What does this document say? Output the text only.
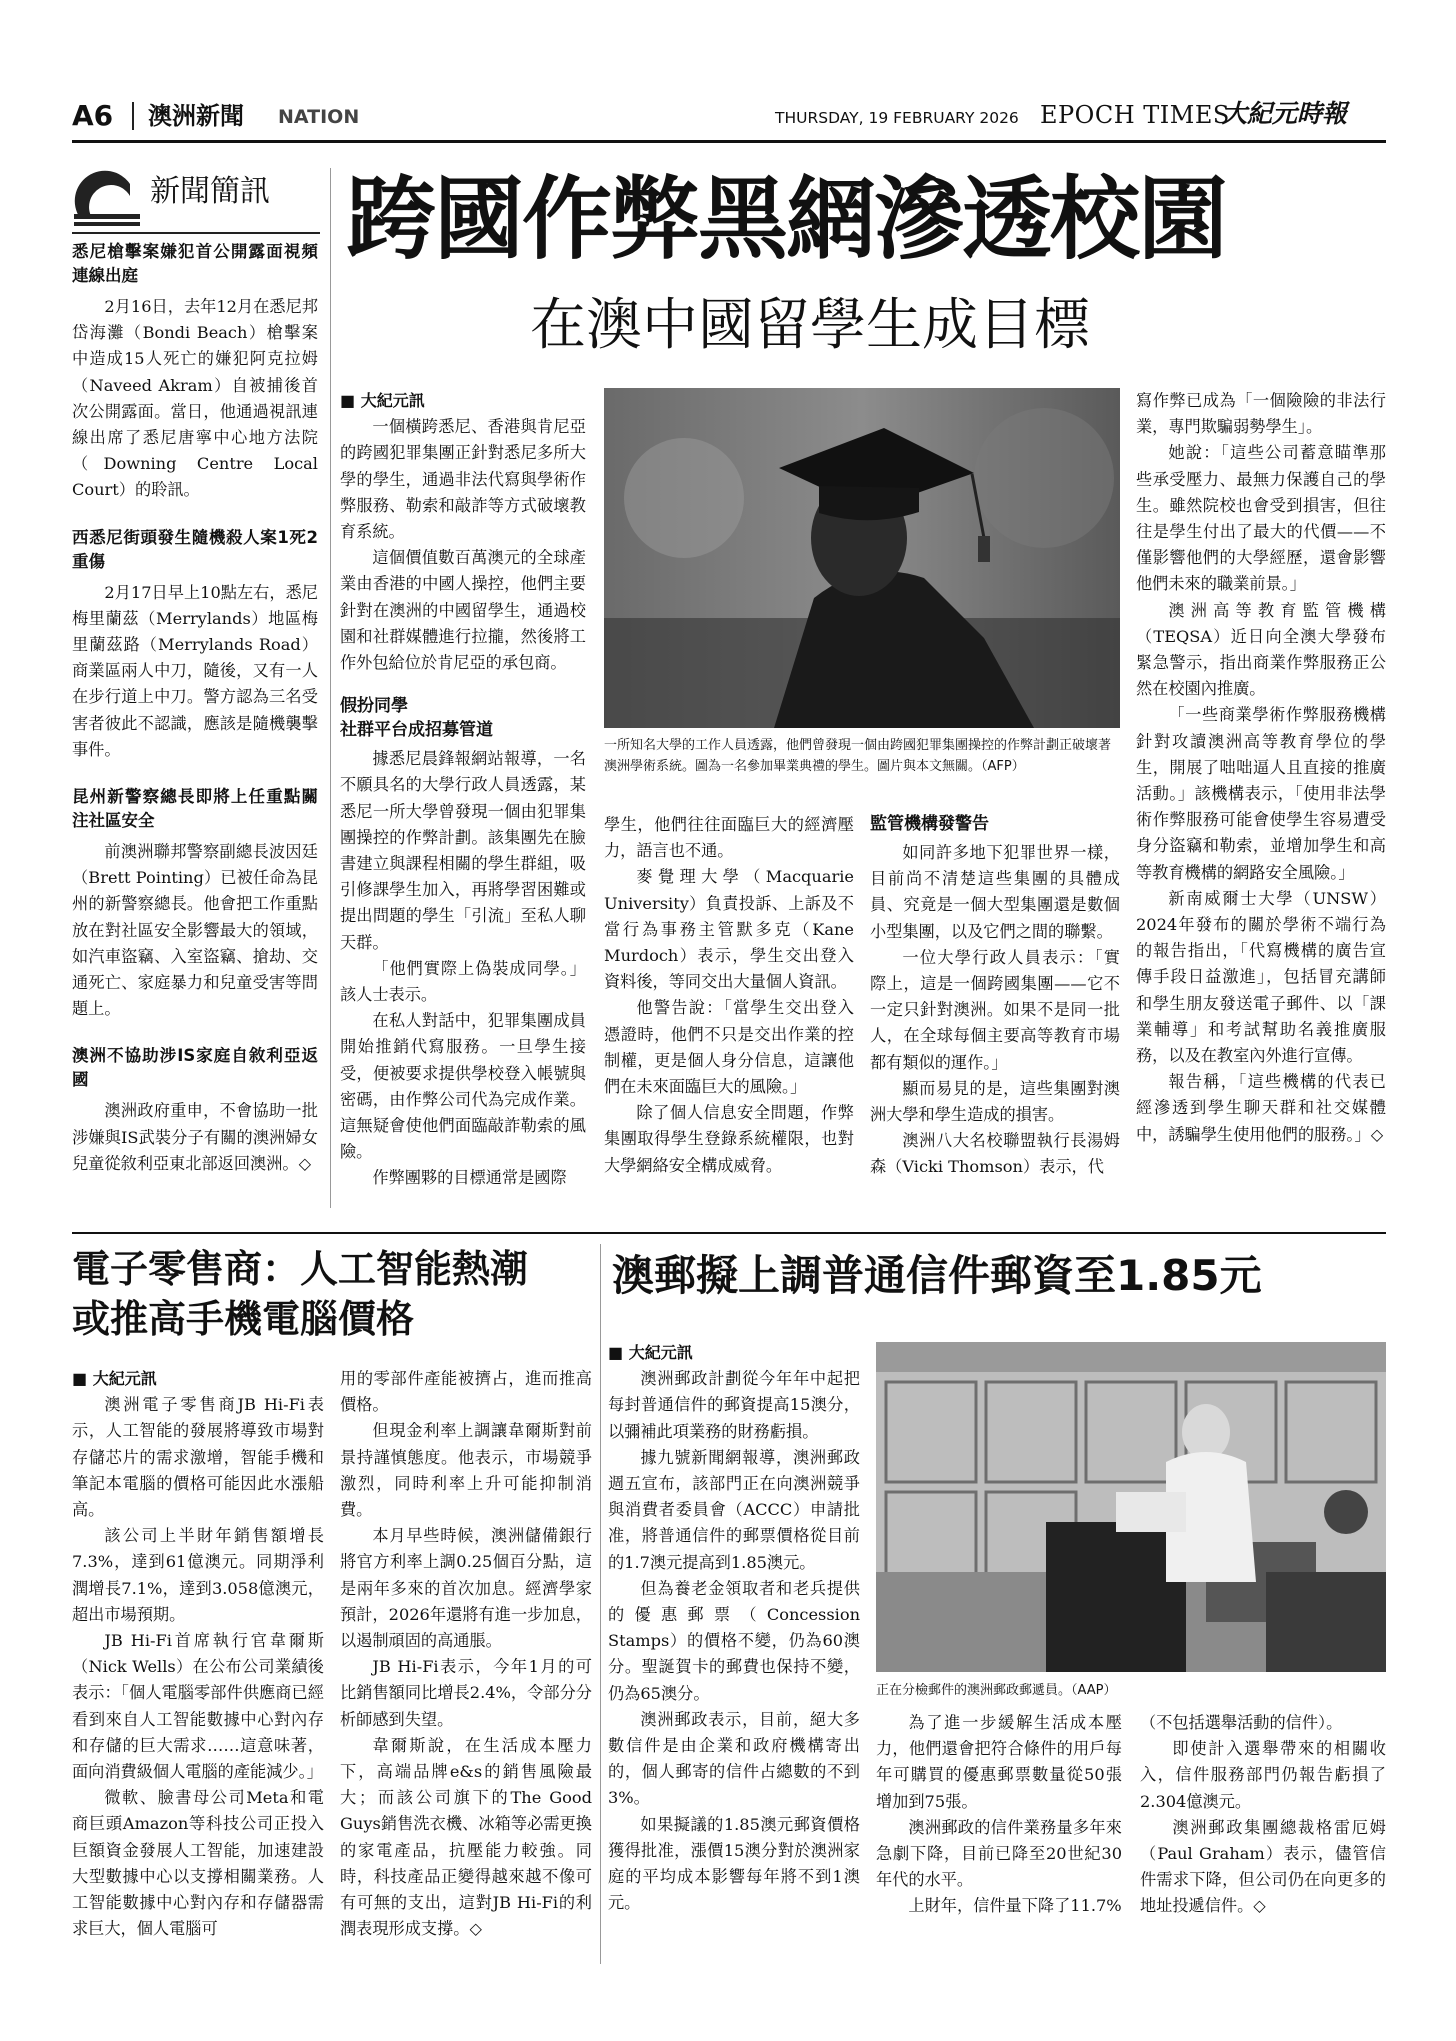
A6 澳洲新聞 NATION	THURSDAY, 19 FEBRUARY 2026 EPOCH TIMES
大紀元時報
新聞簡訊
悉尼槍擊案嫌犯首公開露面視頻連線出庭

2月16日，去年12月在悉尼邦岱海灘（Bondi Beach）槍擊案中造成15人死亡的嫌犯阿克拉姆（Naveed Akram）自被捕後首次公開露面。當日，他通過視訊連線出席了悉尼唐寧中心地方法院（Downing Centre Local Court）的聆訊。

西悉尼街頭發生隨機殺人案1死2重傷

2月17日早上10點左右，悉尼梅里蘭茲（Merrylands）地區梅里蘭茲路（Merrylands Road）商業區兩人中刀，隨後，又有一人在步行道上中刀。警方認為三名受害者彼此不認識，應該是隨機襲擊事件。

昆州新警察總長即將上任重點關注社區安全

前澳洲聯邦警察副總長波因廷（Brett Pointing）已被任命為昆州的新警察總長。他會把工作重點放在對社區安全影響最大的領域，如汽車盜竊、入室盜竊、搶劫、交通死亡、家庭暴力和兒童受害等問題上。

澳洲不協助涉IS家庭自敘利亞返國

澳洲政府重申，不會協助一批涉嫌與IS武裝分子有關的澳洲婦女兒童從敘利亞東北部返回澳洲。◇

跨國作弊黑網滲透校園
在澳中國留學生成目標
■ 大紀元訊

一個橫跨悉尼、香港與肯尼亞的跨國犯罪集團正針對悉尼多所大學的學生，通過非法代寫與學術作弊服務、勒索和敲詐等方式破壞教育系統。

這個價值數百萬澳元的全球產業由香港的中國人操控，他們主要針對在澳洲的中國留學生，通過校園和社群媒體進行拉攏，然後將工作外包給位於肯尼亞的承包商。

假扮同學
社群平台成招募管道

據悉尼晨鋒報網站報導，一名不願具名的大學行政人員透露，某悉尼一所大學曾發現一個由犯罪集團操控的作弊計劃。該集團先在臉書建立與課程相關的學生群組，吸引修課學生加入，再將學習困難或提出問題的學生「引流」至私人聊天群。

「他們實際上偽裝成同學。」該人士表示。

在私人對話中，犯罪集團成員開始推銷代寫服務。一旦學生接受，便被要求提供學校登入帳號與密碼，由作弊公司代為完成作業。這無疑會使他們面臨敲詐勒索的風險。

作弊團夥的目標通常是國際

一所知名大學的工作人員透露，他們曾發現一個由跨國犯罪集團操控的作弊計劃正破壞著澳洲學術系統。圖為一名參加畢業典禮的學生。圖片與本文無關。（AFP）

學生，他們往往面臨巨大的經濟壓力，語言也不通。

麥覺理大學（Macquarie University）負責投訴、上訴及不當行為事務主管默多克（Kane Murdoch）表示，學生交出登入資料後，等同交出大量個人資訊。

他警告說：「當學生交出登入憑證時，他們不只是交出作業的控制權，更是個人身分信息，這讓他們在未來面臨巨大的風險。」

除了個人信息安全問題，作弊集團取得學生登錄系統權限，也對大學網絡安全構成威脅。

監管機構發警告

如同許多地下犯罪世界一樣，目前尚不清楚這些集團的具體成員、究竟是一個大型集團還是數個小型集團，以及它們之間的聯繫。

一位大學行政人員表示：「實際上，這是一個跨國集團——它不一定只針對澳洲。如果不是同一批人，在全球每個主要高等教育市場都有類似的運作。」

顯而易見的是，這些集團對澳洲大學和學生造成的損害。

澳洲八大名校聯盟執行長湯姆森（Vicki Thomson）表示，代

寫作弊已成為「一個險險的非法行業，專門欺騙弱勢學生」。

她說：「這些公司蓄意瞄準那些承受壓力、最無力保護自己的學生。雖然院校也會受到損害，但往往是學生付出了最大的代價——不僅影響他們的大學經歷，還會影響他們未來的職業前景。」

澳洲高等教育監管機構（TEQSA）近日向全澳大學發布緊急警示，指出商業作弊服務正公然在校園內推廣。

「一些商業學術作弊服務機構針對攻讀澳洲高等教育學位的學生，開展了咄咄逼人且直接的推廣活動。」該機構表示，「使用非法學術作弊服務可能會使學生容易遭受身分盜竊和勒索，並增加學生和高等教育機構的網路安全風險。」

新南威爾士大學（UNSW）2024年發布的關於學術不端行為的報告指出，「代寫機構的廣告宣傳手段日益激進」，包括冒充講師和學生朋友發送電子郵件、以「課業輔導」和考試幫助名義推廣服務，以及在教室內外進行宣傳。

報告稱，「這些機構的代表已經滲透到學生聊天群和社交媒體中，誘騙學生使用他們的服務。」◇

電子零售商：人工智能熱潮
或推高手機電腦價格
■ 大紀元訊

澳洲電子零售商JB Hi-Fi表示，人工智能的發展將導致市場對存儲芯片的需求激增，智能手機和筆記本電腦的價格可能因此水漲船高。

該公司上半財年銷售額增長7.3%，達到61億澳元。同期淨利潤增長7.1%，達到3.058億澳元，超出市場預期。

JB Hi-Fi首席執行官韋爾斯（Nick Wells）在公布公司業績後表示：「個人電腦零部件供應商已經看到來自人工智能數據中心對內存和存儲的巨大需求……這意味著，面向消費級個人電腦的產能減少。」

微軟、臉書母公司Meta和電商巨頭Amazon等科技公司正投入巨額資金發展人工智能，加速建設大型數據中心以支撐相關業務。人工智能數據中心對內存和存儲器需求巨大，個人電腦可

用的零部件產能被擠占，進而推高價格。

但現金利率上調讓韋爾斯對前景持謹慎態度。他表示，市場競爭激烈，同時利率上升可能抑制消費。

本月早些時候，澳洲儲備銀行將官方利率上調0.25個百分點，這是兩年多來的首次加息。經濟學家預計，2026年還將有進一步加息，以遏制頑固的高通脹。

JB Hi-Fi表示，今年1月的可比銷售額同比增長2.4%，令部分分析師感到失望。

韋爾斯說，在生活成本壓力下，高端品牌e&s的銷售風險最大；而該公司旗下的The Good Guys銷售洗衣機、冰箱等必需更換的家電產品，抗壓能力較強。同時，科技產品正變得越來越不像可有可無的支出，這對JB Hi-Fi的利潤表現形成支撐。◇

澳郵擬上調普通信件郵資至1.85元
■ 大紀元訊

澳洲郵政計劃從今年年中起把每封普通信件的郵資提高15澳分，以彌補此項業務的財務虧損。

據九號新聞網報導，澳洲郵政週五宣布，該部門正在向澳洲競爭與消費者委員會（ACCC）申請批准，將普通信件的郵票價格從目前的1.7澳元提高到1.85澳元。

但為養老金領取者和老兵提供的優惠郵票（Concession Stamps）的價格不變，仍為60澳分。聖誕賀卡的郵費也保持不變，仍為65澳分。

澳洲郵政表示，目前，絕大多數信件是由企業和政府機構寄出的，個人郵寄的信件占總數的不到3%。

如果擬議的1.85澳元郵資價格獲得批准，漲價15澳分對於澳洲家庭的平均成本影響每年將不到1澳元。

正在分檢郵件的澳洲郵政郵遞員。（AAP）

為了進一步緩解生活成本壓力，他們還會把符合條件的用戶每年可購買的優惠郵票數量從50張增加到75張。

澳洲郵政的信件業務量多年來急劇下降，目前已降至20世紀30年代的水平。

上財年，信件量下降了11.7%

（不包括選舉活動的信件）。

即使計入選舉帶來的相關收入，信件服務部門仍報告虧損了2.304億澳元。

澳洲郵政集團總裁格雷厄姆（Paul Graham）表示，儘管信件需求下降，但公司仍在向更多的地址投遞信件。◇
